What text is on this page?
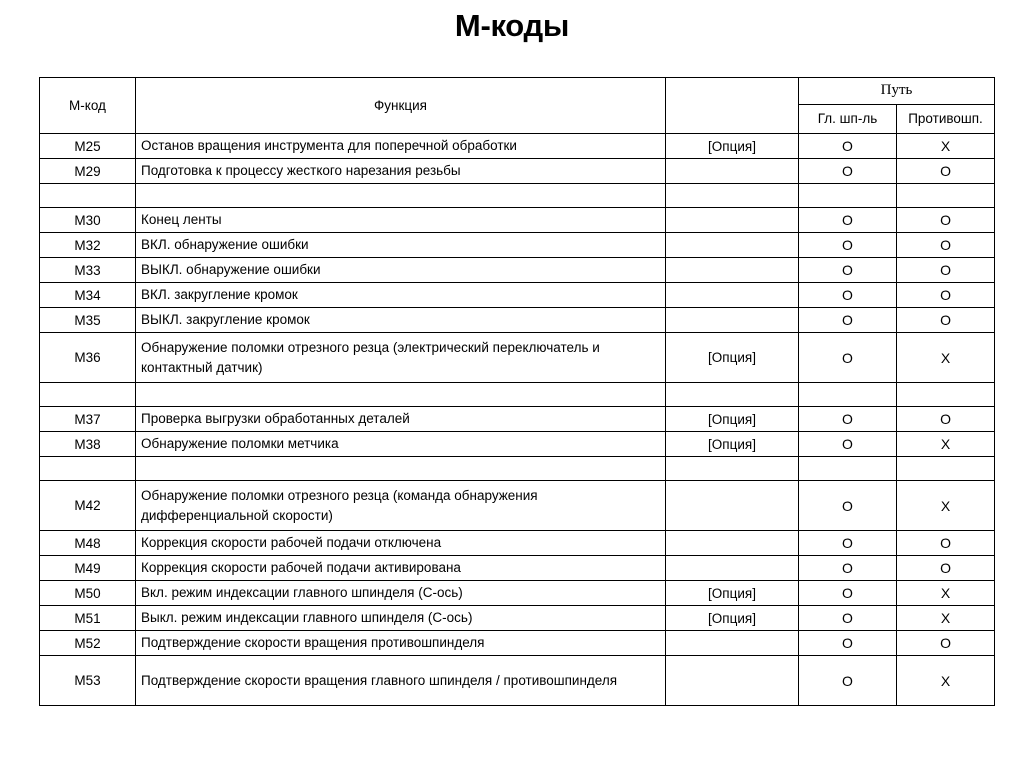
М-коды
М-код	Функция		Путь	
			Гл. шп-ль	Противошп.
M25	Останов вращения инструмента для поперечной обработки	[Опция]	O	X
M29	Подготовка к процессу жесткого нарезания резьбы		O	O

M30	Конец ленты		O	O
M32	ВКЛ. обнаружение ошибки		O	O
M33	ВЫКЛ. обнаружение ошибки		O	O
M34	ВКЛ. закругление кромок		O	O
M35	ВЫКЛ. закругление кромок		O	O
M36	Обнаружение поломки отрезного резца (электрический переключатель и контактный датчик)	[Опция]	O	X

M37	Проверка выгрузки обработанных деталей	[Опция]	O	O
M38	Обнаружение поломки метчика	[Опция]	O	X

M42	Обнаружение поломки отрезного резца (команда обнаружения дифференциальной скорости)		O	X
M48	Коррекция скорости рабочей подачи отключена		O	O
M49	Коррекция скорости рабочей подачи активирована		O	O
M50	Вкл. режим индексации главного шпинделя (C-ось)	[Опция]	O	X
M51	Выкл. режим индексации главного шпинделя (C-ось)	[Опция]	O	X
M52	Подтверждение скорости вращения противошпинделя		O	O
M53	Подтверждение скорости вращения главного шпинделя / противошпинделя		O	X
